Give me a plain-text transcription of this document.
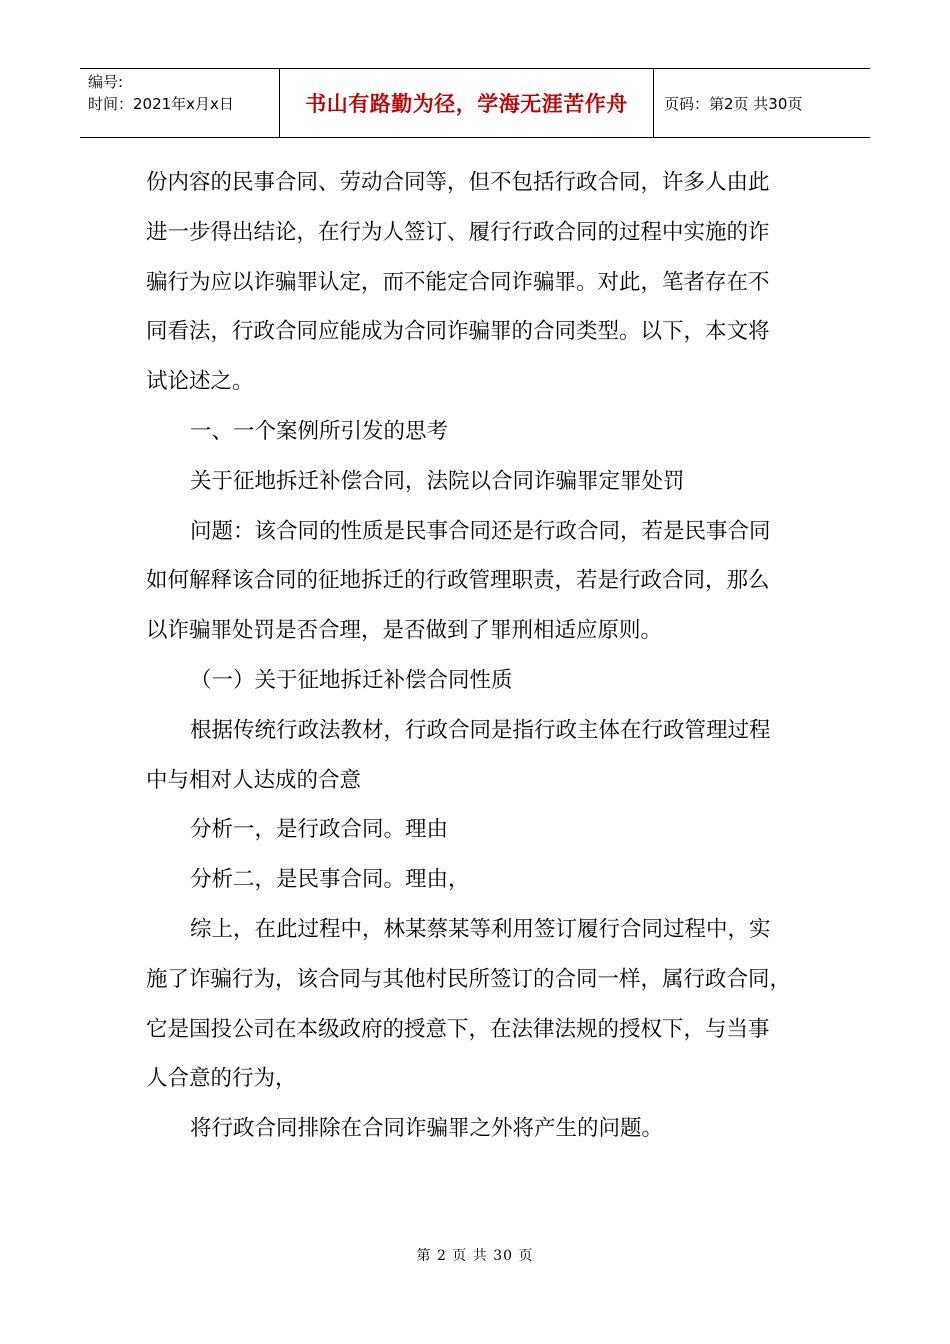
编号:
时间：2021年x月x日	书山有路勤为径，学海无涯苦作舟	页码：第2页 共30页

份内容的民事合同、劳动合同等，但不包括行政合同，许多人由此

进一步得出结论，在行为人签订、履行行政合同的过程中实施的诈

骗行为应以诈骗罪认定，而不能定合同诈骗罪。对此，笔者存在不

同看法，行政合同应能成为合同诈骗罪的合同类型。以下，本文将

试论述之。

一、一个案例所引发的思考

关于征地拆迁补偿合同，法院以合同诈骗罪定罪处罚

问题：该合同的性质是民事合同还是行政合同，若是民事合同

如何解释该合同的征地拆迁的行政管理职责，若是行政合同，那么

以诈骗罪处罚是否合理，是否做到了罪刑相适应原则。

（一）关于征地拆迁补偿合同性质

根据传统行政法教材，行政合同是指行政主体在行政管理过程

中与相对人达成的合意

分析一，是行政合同。理由

分析二，是民事合同。理由，

综上，在此过程中，林某蔡某等利用签订履行合同过程中，实

施了诈骗行为，该合同与其他村民所签订的合同一样，属行政合同，

它是国投公司在本级政府的授意下，在法律法规的授权下，与当事

人合意的行为，

将行政合同排除在合同诈骗罪之外将产生的问题。

第 2 页 共 30 页
